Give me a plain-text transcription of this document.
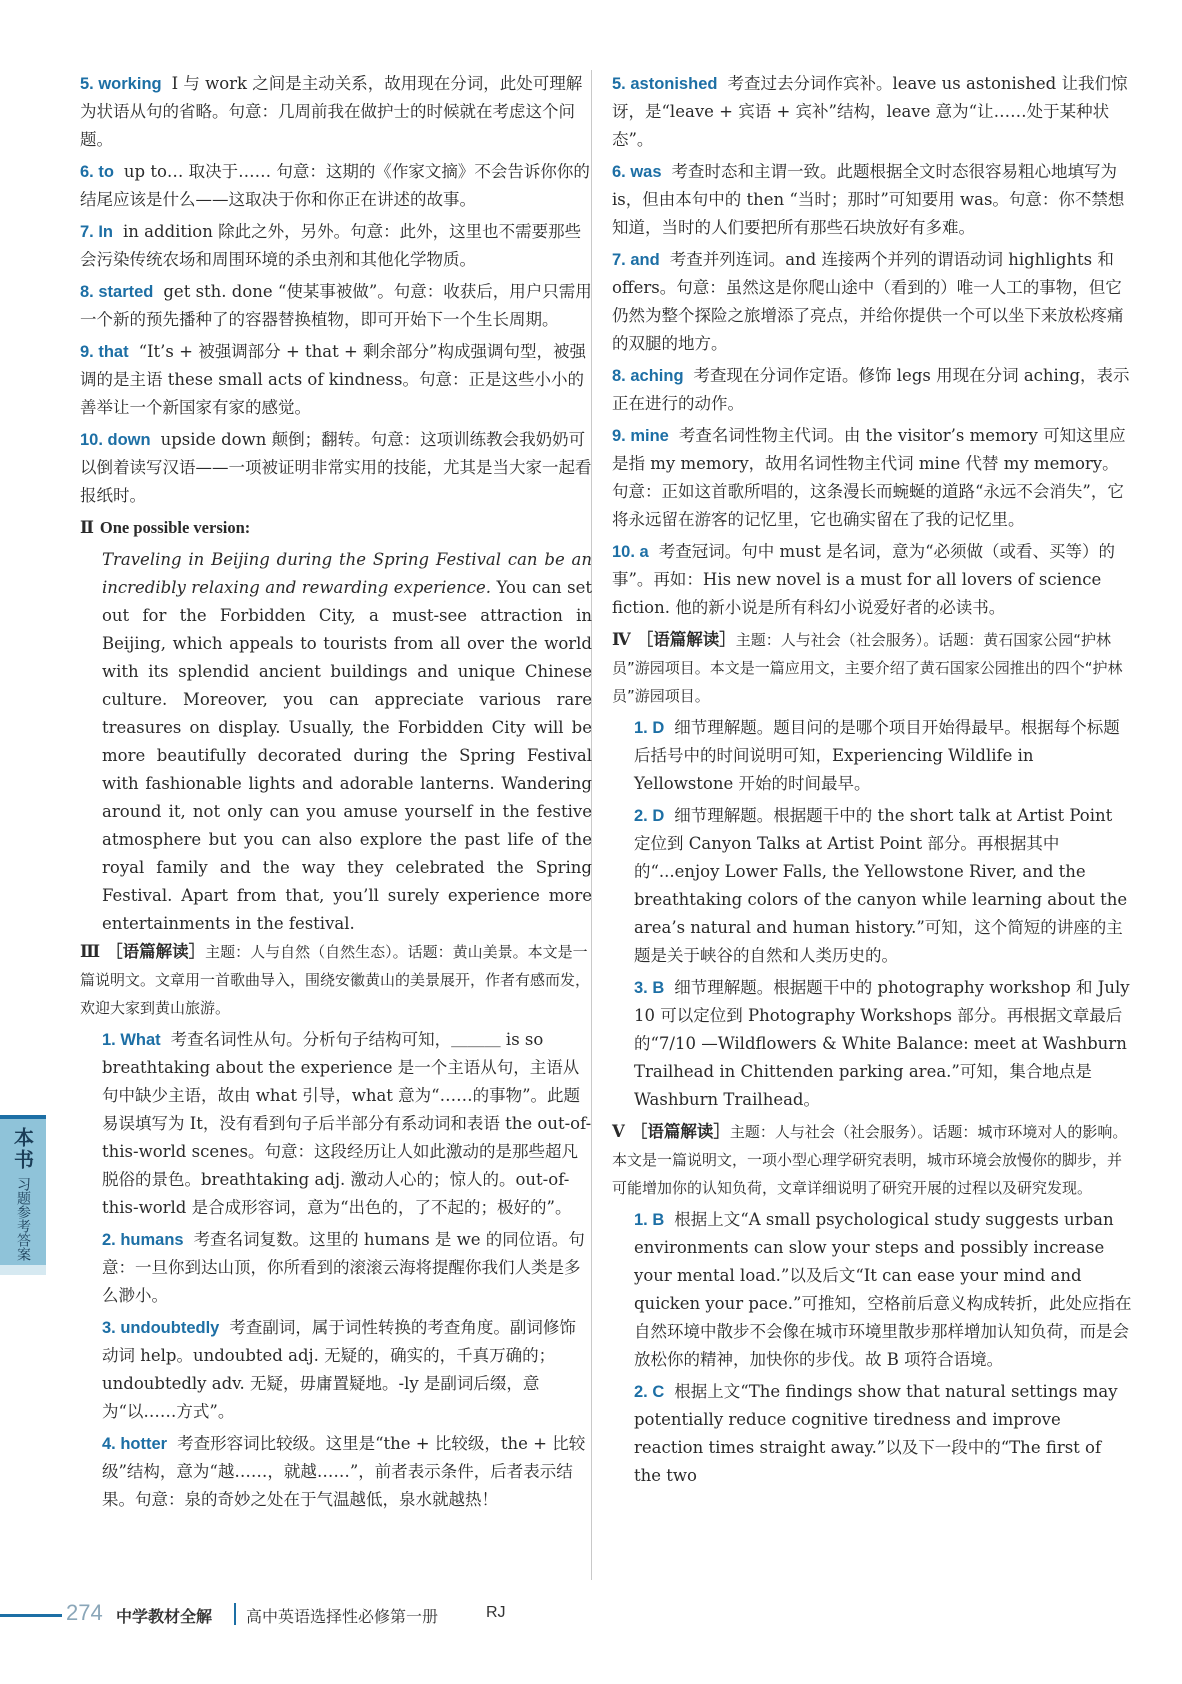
5. working I 与 work 之间是主动关系，故用现在分词，此处可理解为状语从句的省略。句意：几周前我在做护士的时候就在考虑这个问题。
6. to up to… 取决于…… 句意：这期的《作家文摘》不会告诉你你的结尾应该是什么——这取决于你和你正在讲述的故事。
7. In in addition 除此之外，另外。句意：此外，这里也不需要那些会污染传统农场和周围环境的杀虫剂和其他化学物质。
8. started get sth. done “使某事被做”。句意：收获后，用户只需用一个新的预先播种了的容器替换植物，即可开始下一个生长周期。
9. that “It’s + 被强调部分 + that + 剩余部分”构成强调句型，被强调的是主语 these small acts of kindness。句意：正是这些小小的善举让一个新国家有家的感觉。
10. down upside down 颠倒；翻转。句意：这项训练教会我奶奶可以倒着读写汉语——一项被证明非常实用的技能，尤其是当大家一起看报纸时。
Ⅱ One possible version:
Traveling in Beijing during the Spring Festival can be an incredibly relaxing and rewarding experience. You can set out for the Forbidden City, a must-see attraction in Beijing, which appeals to tourists from all over the world with its splendid ancient buildings and unique Chinese culture. Moreover, you can appreciate various rare treasures on display. Usually, the Forbidden City will be more beautifully decorated during the Spring Festival with fashionable lights and adorable lanterns. Wandering around it, not only can you amuse yourself in the festive atmosphere but you can also explore the past life of the royal family and the way they celebrated the Spring Festival. Apart from that, you’ll surely experience more entertainments in the festival.
Ⅲ ［语篇解读］主题：人与自然（自然生态）。话题：黄山美景。本文是一篇说明文。文章用一首歌曲导入，围绕安徽黄山的美景展开，作者有感而发，欢迎大家到黄山旅游。
1. What 考查名词性从句。分析句子结构可知，＿＿＿ is so breathtaking about the experience 是一个主语从句，主语从句中缺少主语，故由 what 引导，what 意为“……的事物”。此题易误填写为 It，没有看到句子后半部分有系动词和表语 the out-of-this-world scenes。句意：这段经历让人如此激动的是那些超凡脱俗的景色。breathtaking adj. 激动人心的；惊人的。out-of-this-world 是合成形容词，意为“出色的，了不起的；极好的”。
2. humans 考查名词复数。这里的 humans 是 we 的同位语。句意：一旦你到达山顶，你所看到的滚滚云海将提醒你我们人类是多么渺小。
3. undoubtedly 考查副词，属于词性转换的考查角度。副词修饰动词 help。undoubted adj. 无疑的，确实的，千真万确的；undoubtedly adv. 无疑，毋庸置疑地。-ly 是副词后缀，意为“以……方式”。
4. hotter 考查形容词比较级。这里是“the + 比较级，the + 比较级”结构，意为“越……，就越……”，前者表示条件，后者表示结果。句意：泉的奇妙之处在于气温越低，泉水就越热！
5. astonished 考查过去分词作宾补。leave us astonished 让我们惊讶，是“leave + 宾语 + 宾补”结构，leave 意为“让……处于某种状态”。
6. was 考查时态和主谓一致。此题根据全文时态很容易粗心地填写为 is，但由本句中的 then “当时；那时”可知要用 was。句意：你不禁想知道，当时的人们要把所有那些石块放好有多难。
7. and 考查并列连词。and 连接两个并列的谓语动词 highlights 和 offers。句意：虽然这是你爬山途中（看到的）唯一人工的事物，但它仍然为整个探险之旅增添了亮点，并给你提供一个可以坐下来放松疼痛的双腿的地方。
8. aching 考查现在分词作定语。修饰 legs 用现在分词 aching，表示正在进行的动作。
9. mine 考查名词性物主代词。由 the visitor’s memory 可知这里应是指 my memory，故用名词性物主代词 mine 代替 my memory。句意：正如这首歌所唱的，这条漫长而蜿蜒的道路“永远不会消失”，它将永远留在游客的记忆里，它也确实留在了我的记忆里。
10. a 考查冠词。句中 must 是名词，意为“必须做（或看、买等）的事”。再如：His new novel is a must for all lovers of science fiction. 他的新小说是所有科幻小说爱好者的必读书。
Ⅳ ［语篇解读］主题：人与社会（社会服务）。话题：黄石国家公园“护林员”游园项目。本文是一篇应用文，主要介绍了黄石国家公园推出的四个“护林员”游园项目。
1. D 细节理解题。题目问的是哪个项目开始得最早。根据每个标题后括号中的时间说明可知，Experiencing Wildlife in Yellowstone 开始的时间最早。
2. D 细节理解题。根据题干中的 the short talk at Artist Point 定位到 Canyon Talks at Artist Point 部分。再根据其中的“...enjoy Lower Falls, the Yellowstone River, and the breathtaking colors of the canyon while learning about the area’s natural and human history.”可知，这个简短的讲座的主题是关于峡谷的自然和人类历史的。
3. B 细节理解题。根据题干中的 photography workshop 和 July 10 可以定位到 Photography Workshops 部分。再根据文章最后的“7/10 —Wildflowers & White Balance: meet at Washburn Trailhead in Chittenden parking area.”可知，集合地点是 Washburn Trailhead。
Ⅴ ［语篇解读］主题：人与社会（社会服务）。话题：城市环境对人的影响。本文是一篇说明文，一项小型心理学研究表明，城市环境会放慢你的脚步，并可能增加你的认知负荷，文章详细说明了研究开展的过程以及研究发现。
1. B 根据上文“A small psychological study suggests urban environments can slow your steps and possibly increase your mental load.”以及后文“It can ease your mind and quicken your pace.”可推知，空格前后意义构成转折，此处应指在自然环境中散步不会像在城市环境里散步那样增加认知负荷，而是会放松你的精神，加快你的步伐。故 B 项符合语境。
2. C 根据上文“The findings show that natural settings may potentially reduce cognitive tiredness and improve reaction times straight away.”以及下一段中的“The first of the two
本书
习题参考答案
274 中学教材全解 高中英语选择性必修第一册	RJ
